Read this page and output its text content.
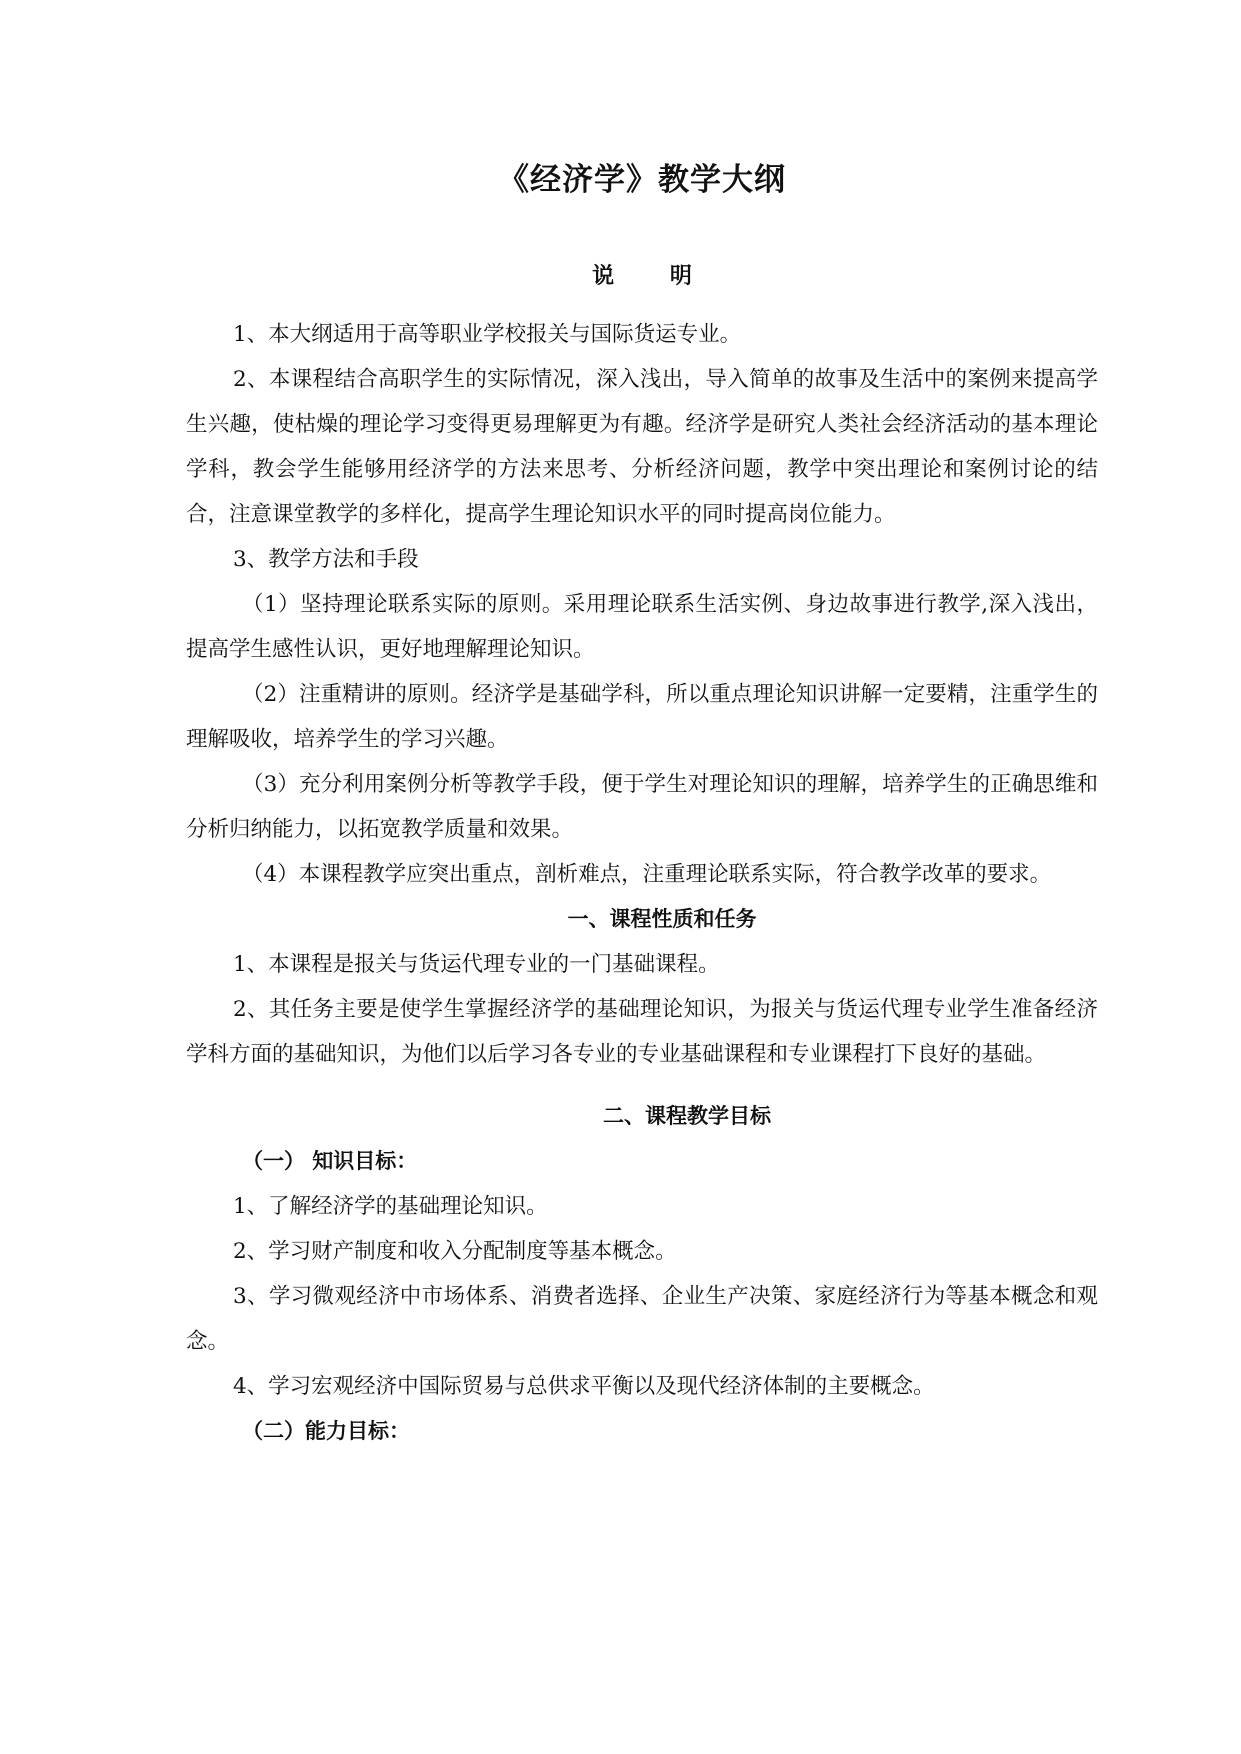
《经济学》教学大纲
说 明

1、本大纲适用于高等职业学校报关与国际货运专业。

2、本课程结合高职学生的实际情况，深入浅出，导入简单的故事及生活中的案例来提高学生兴趣，使枯燥的理论学习变得更易理解更为有趣。经济学是研究人类社会经济活动的基本理论学科，教会学生能够用经济学的方法来思考、分析经济问题，教学中突出理论和案例讨论的结合，注意课堂教学的多样化，提高学生理论知识水平的同时提高岗位能力。

3、教学方法和手段

（1）坚持理论联系实际的原则。采用理论联系生活实例、身边故事进行教学,深入浅出，提高学生感性认识，更好地理解理论知识。

（2）注重精讲的原则。经济学是基础学科，所以重点理论知识讲解一定要精，注重学生的理解吸收，培养学生的学习兴趣。

（3）充分利用案例分析等教学手段，便于学生对理论知识的理解，培养学生的正确思维和分析归纳能力，以拓宽教学质量和效果。

（4）本课程教学应突出重点，剖析难点，注重理论联系实际，符合教学改革的要求。

一、课程性质和任务

1、本课程是报关与货运代理专业的一门基础课程。

2、其任务主要是使学生掌握经济学的基础理论知识，为报关与货运代理专业学生准备经济学科方面的基础知识，为他们以后学习各专业的专业基础课程和专业课程打下良好的基础。

二、课程教学目标

（一） 知识目标：

1、了解经济学的基础理论知识。

2、学习财产制度和收入分配制度等基本概念。

3、学习微观经济中市场体系、消费者选择、企业生产决策、家庭经济行为等基本概念和观念。

4、学习宏观经济中国际贸易与总供求平衡以及现代经济体制的主要概念。

（二）能力目标：
